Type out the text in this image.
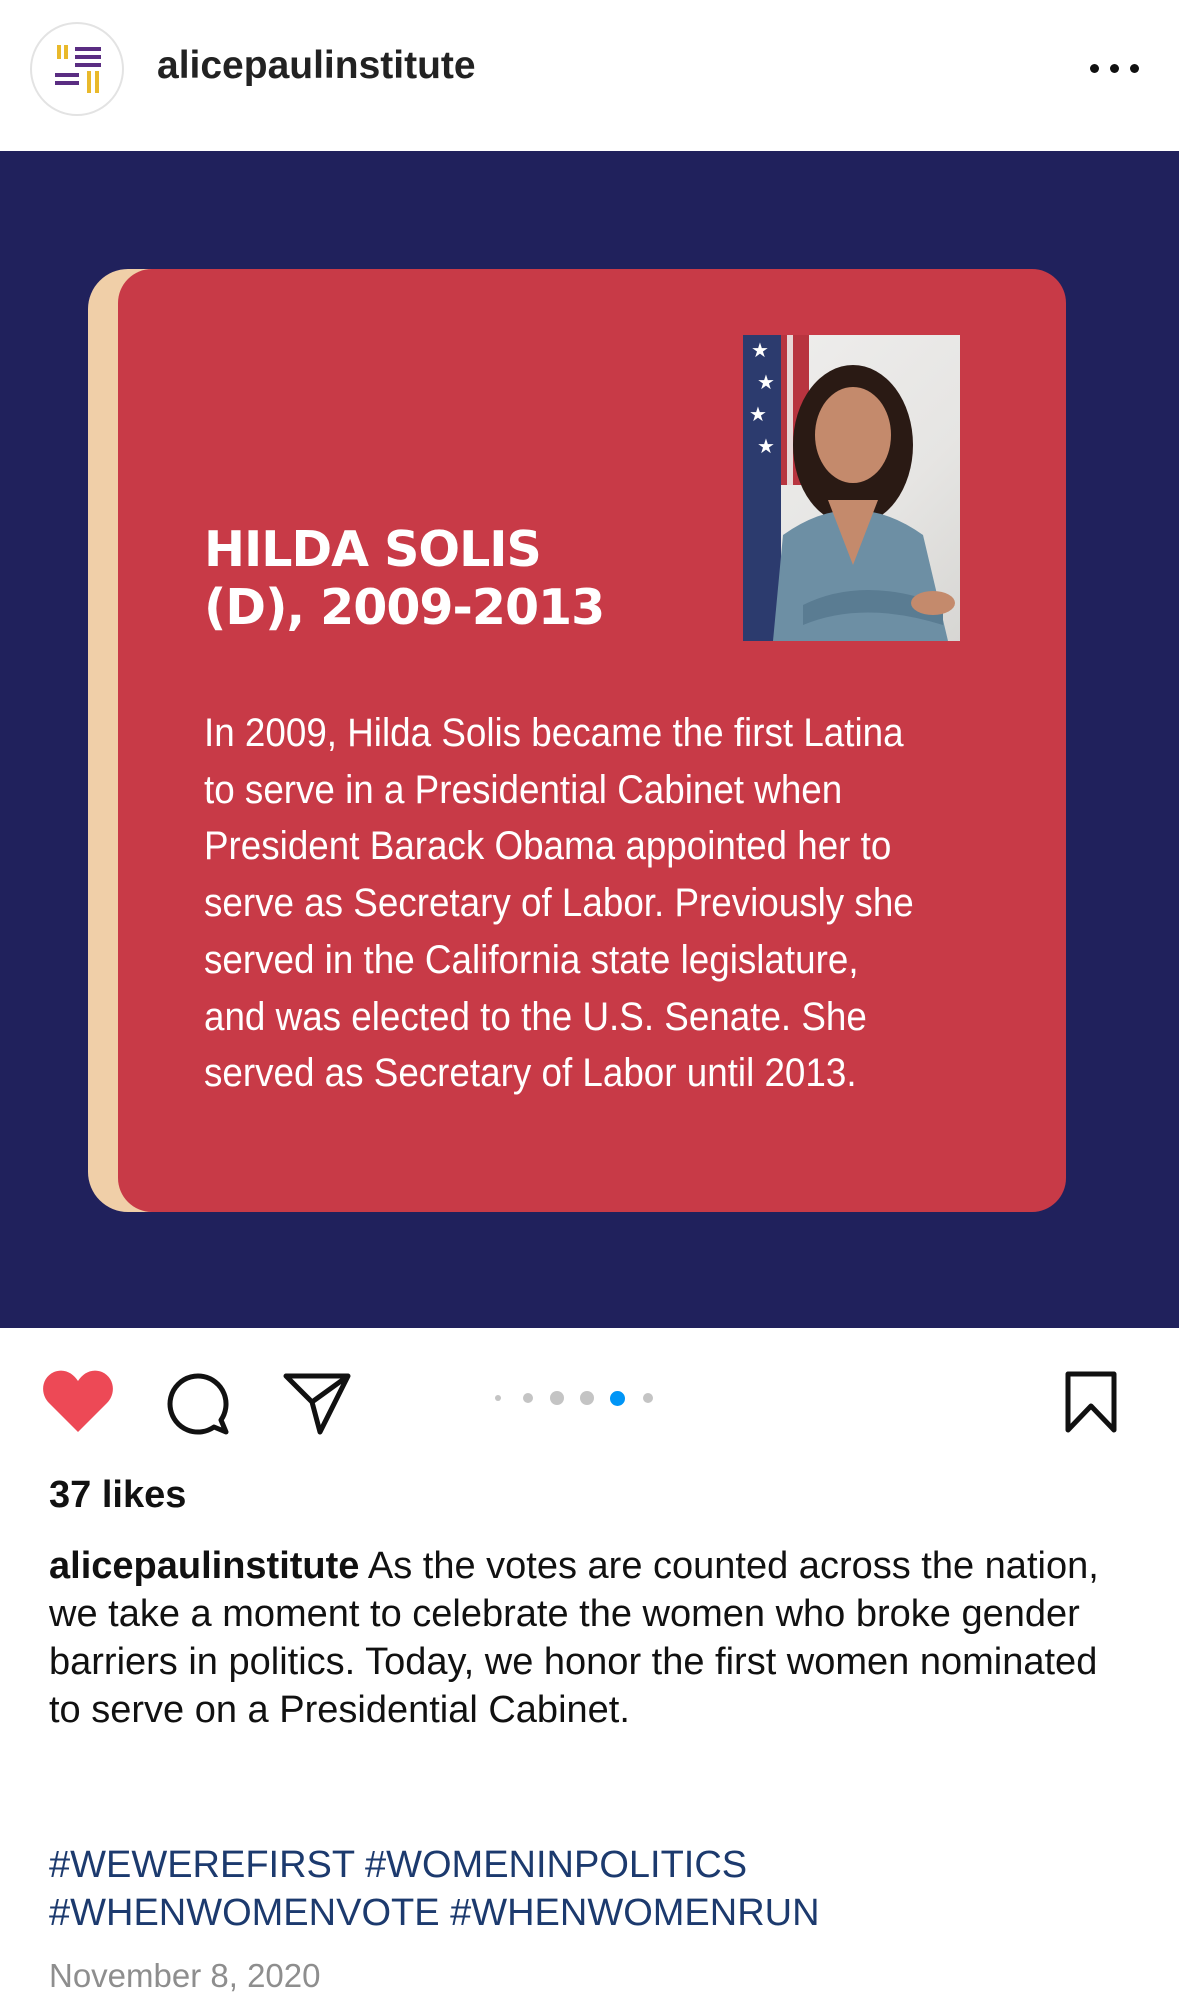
alicepaulinstitute
★
★
★
★
HILDA SOLIS
(D), 2009-2013
In 2009, Hilda Solis became the first Latina
to serve in a Presidential Cabinet when
President Barack Obama appointed her to
serve as Secretary of Labor. Previously she
served in the California state legislature,
and was elected to the U.S. Senate. She
served as Secretary of Labor until 2013.
37 likes
alicepaulinstitute As the votes are counted across the nation, we take a moment to celebrate the women who broke gender barriers in politics. Today, we honor the first women nominated to serve on a Presidential Cabinet.
#WEWEREFIRST #WOMENINPOLITICS
#WHENWOMENVOTE #WHENWOMENRUN
November 8, 2020
